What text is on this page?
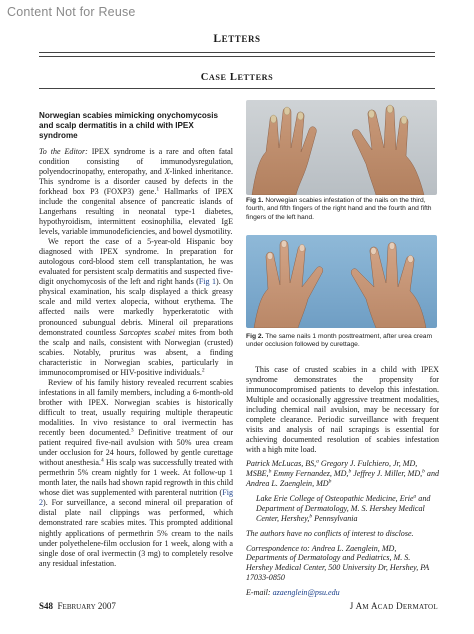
Content Not for Reuse
LETTERS
CASE LETTERS

Norwegian scabies mimicking onychomycosis and scalp dermatitis in a child with IPEX syndrome

To the Editor: IPEX syndrome is a rare and often fatal condition consisting of immunodysregulation, polyendocrinopathy, enteropathy, and X-linked inheritance. This syndrome is a disorder caused by defects in the forkhead box P3 (FOXP3) gene.$^1$ Hallmarks of IPEX include the congenital absence of pancreatic islands of Langerhans resulting in neonatal type-1 diabetes, hypothyroidism, intermittent eosinophilia, elevated IgE levels, variable immunodeficiencies, and bowel dysmotility.

We report the case of a 5-year-old Hispanic boy diagnosed with IPEX syndrome. In preparation for autologous cord-blood stem cell transplantation, he was evaluated for persistent scalp dermatitis and suspected five-digit onychomycosis of the left and right hands (Fig 1). On physical examination, his scalp displayed a thick greasy scale and mild vertex alopecia, without erythema. The affected nails were markedly hyperkeratotic with pronounced subungual debris. Mineral oil preparations demonstrated countless Sarcoptes scabei mites from both the scalp and nails, consistent with Norwegian (crusted) scabies. Notably, pruritus was absent, a finding characteristic in Norwegian scabies, particularly in immunocompromised or HIV-positive individuals.$^2$

Review of his family history revealed recurrent scabies infestations in all family members, including a 6-month-old brother with IPEX. Norwegian scabies is historically difficult to treat, usually requiring multiple therapeutic modalities. In vivo resistance to oral ivermectin has recently been documented.$^3$ Definitive treatment of our patient required five-nail avulsion with 50% urea cream under occlusion for 24 hours, followed by gentle curettage without anesthesia.$^4$ His scalp was successfully treated with permethrin 5% cream nightly for 1 week. At follow-up 1 month later, the nails had shown rapid regrowth in this child whose diet was supplemented with parenteral nutrition (Fig 2). For surveillance, a second mineral oil preparation of distal plate nail clippings was performed, which demonstrated rare scabies mites. This prompted additional nightly applications of permethrin 5% cream to the nails under polyethelene-film occlusion for 1 week, along with a single dose of oral ivermectin (3 mg) to completely resolve any residual infestation.

Fig 1. Norwegian scabies infestation of the nails on the third, fourth, and fifth fingers of the right hand and the fourth and fifth fingers of the left hand.
Fig 2. The same nails 1 month posttreatment, after urea cream under occlusion followed by curettage.

This case of crusted scabies in a child with IPEX syndrome demonstrates the propensity for immunocompromised patients to develop this infestation. Multiple and occasionally aggressive treatment modalities, including chemical nail avulsion, may be necessary for complete clearance. Periodic surveillance with frequent visits and analysis of nail scrapings is essential for achieving documented resolution of scabies infestation with a high mite load.

Patrick McLucas, BS,$^a$ Gregory J. Fulchiero, Jr, MD, MSBE,$^b$ Emmy Fernandez, MD,$^b$ Jeffrey J. Miller, MD,$^b$ and Andrea L. Zaenglein, MD$^b$

Lake Erie College of Osteopathic Medicine, Erie$^a$ and Department of Dermatology, M. S. Hershey Medical Center, Hershey,$^b$ Pennsylvania

The authors have no conflicts of interest to disclose.

Correspondence to: Andrea L. Zaenglein, MD, Departments of Dermatology and Pediatrics, M. S. Hershey Medical Center, 500 University Dr, Hershey, PA 17033-0850

E-mail: azaenglein@psu.edu

S48 FEBRUARY 2007	J AM ACAD DERMATOL
